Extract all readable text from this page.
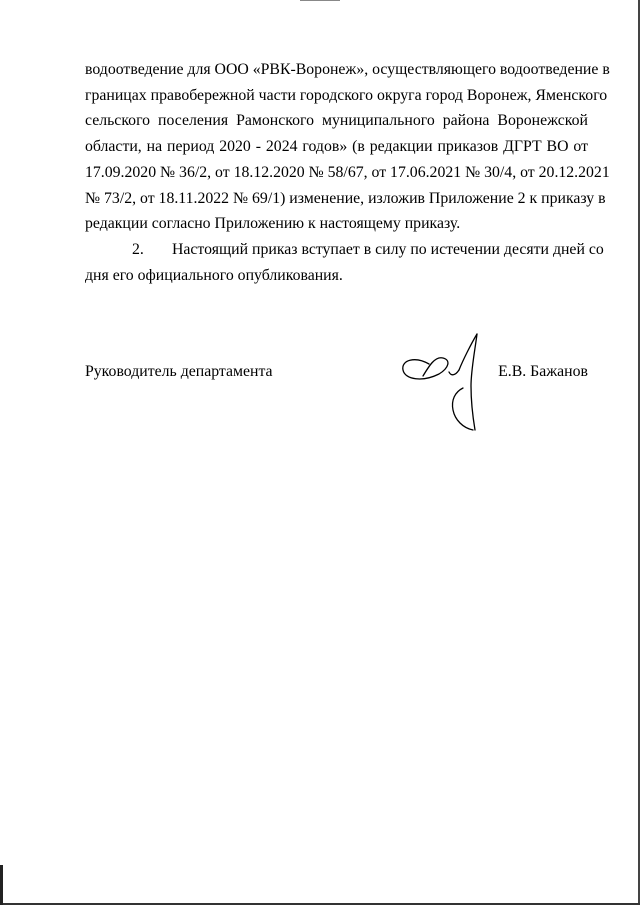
водоотведение для ООО «РВК-Воронеж», осуществляющего водоотведение в
границах правобережной части городского округа город Воронеж, Яменского
сельского поселения Рамонского муниципального района Воронежской
области, на период 2020 - 2024 годов» (в редакции приказов ДГРТ ВО от
17.09.2020 № 36/2, от 18.12.2020 № 58/67, от 17.06.2021 № 30/4, от 20.12.2021
№ 73/2, от 18.11.2022 № 69/1) изменение, изложив Приложение 2 к приказу в
редакции согласно Приложению к настоящему приказу.
2. Настоящий приказ вступает в силу по истечении десяти дней со
дня его официального опубликования.
Руководитель департамента	Е.В. Бажанов
